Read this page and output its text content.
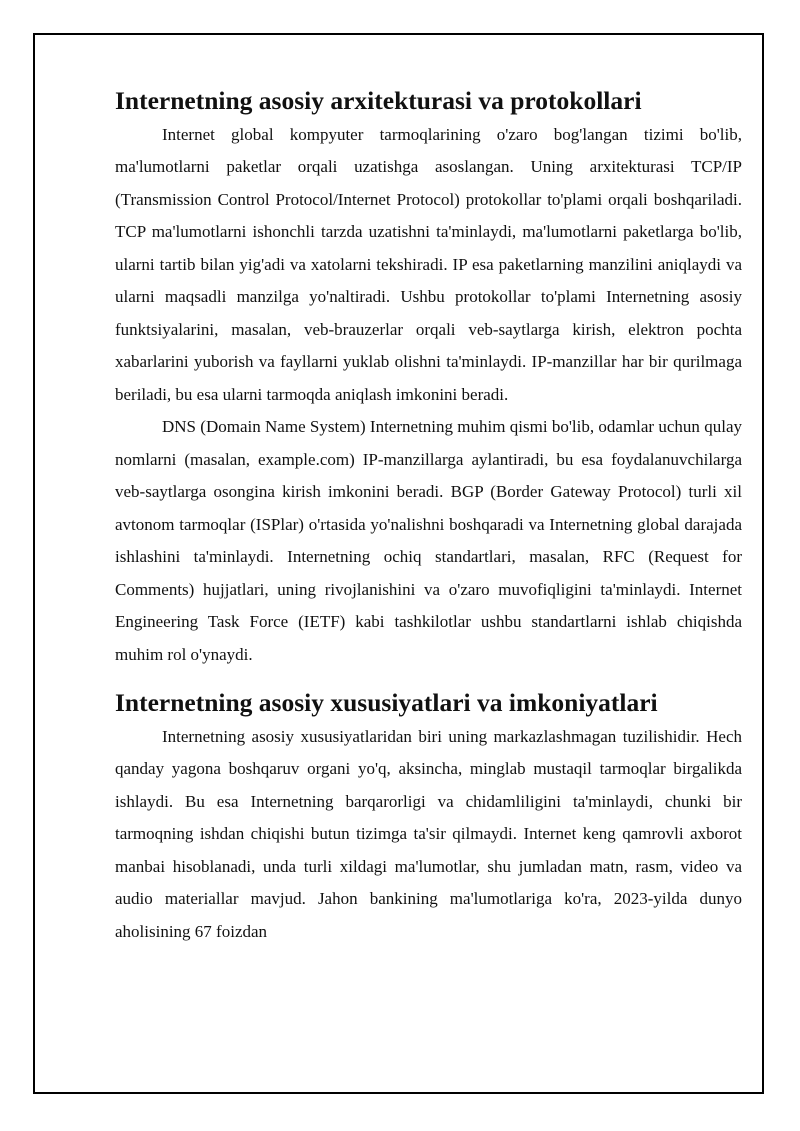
Internetning asosiy arxitekturasi va protokollari

Internet global kompyuter tarmoqlarining o'zaro bog'langan tizimi bo'lib, ma'lumotlarni paketlar orqali uzatishga asoslangan. Uning arxitekturasi TCP/IP (Transmission Control Protocol/Internet Protocol) protokollar to'plami orqali boshqariladi. TCP ma'lumotlarni ishonchli tarzda uzatishni ta'minlaydi, ma'lumotlarni paketlarga bo'lib, ularni tartib bilan yig'adi va xatolarni tekshiradi. IP esa paketlarning manzilini aniqlaydi va ularni maqsadli manzilga yo'naltiradi. Ushbu protokollar to'plami Internetning asosiy funktsiyalarini, masalan, veb-brauzerlar orqali veb-saytlarga kirish, elektron pochta xabarlarini yuborish va fayllarni yuklab olishni ta'minlaydi. IP-manzillar har bir qurilmaga beriladi, bu esa ularni tarmoqda aniqlash imkonini beradi.

DNS (Domain Name System) Internetning muhim qismi bo'lib, odamlar uchun qulay nomlarni (masalan, example.com) IP-manzillarga aylantiradi, bu esa foydalanuvchilarga veb-saytlarga osongina kirish imkonini beradi. BGP (Border Gateway Protocol) turli xil avtonom tarmoqlar (ISPlar) o'rtasida yo'nalishni boshqaradi va Internetning global darajada ishlashini ta'minlaydi. Internetning ochiq standartlari, masalan, RFC (Request for Comments) hujjatlari, uning rivojlanishini va o'zaro muvofiqligini ta'minlaydi. Internet Engineering Task Force (IETF) kabi tashkilotlar ushbu standartlarni ishlab chiqishda muhim rol o'ynaydi.

Internetning asosiy xususiyatlari va imkoniyatlari

Internetning asosiy xususiyatlaridan biri uning markazlashmagan tuzilishidir. Hech qanday yagona boshqaruv organi yo'q, aksincha, minglab mustaqil tarmoqlar birgalikda ishlaydi. Bu esa Internetning barqarorligi va chidamliligini ta'minlaydi, chunki bir tarmoqning ishdan chiqishi butun tizimga ta'sir qilmaydi. Internet keng qamrovli axborot manbai hisoblanadi, unda turli xildagi ma'lumotlar, shu jumladan matn, rasm, video va audio materiallar mavjud. Jahon bankining ma'lumotlariga ko'ra, 2023-yilda dunyo aholisining 67 foizdan
